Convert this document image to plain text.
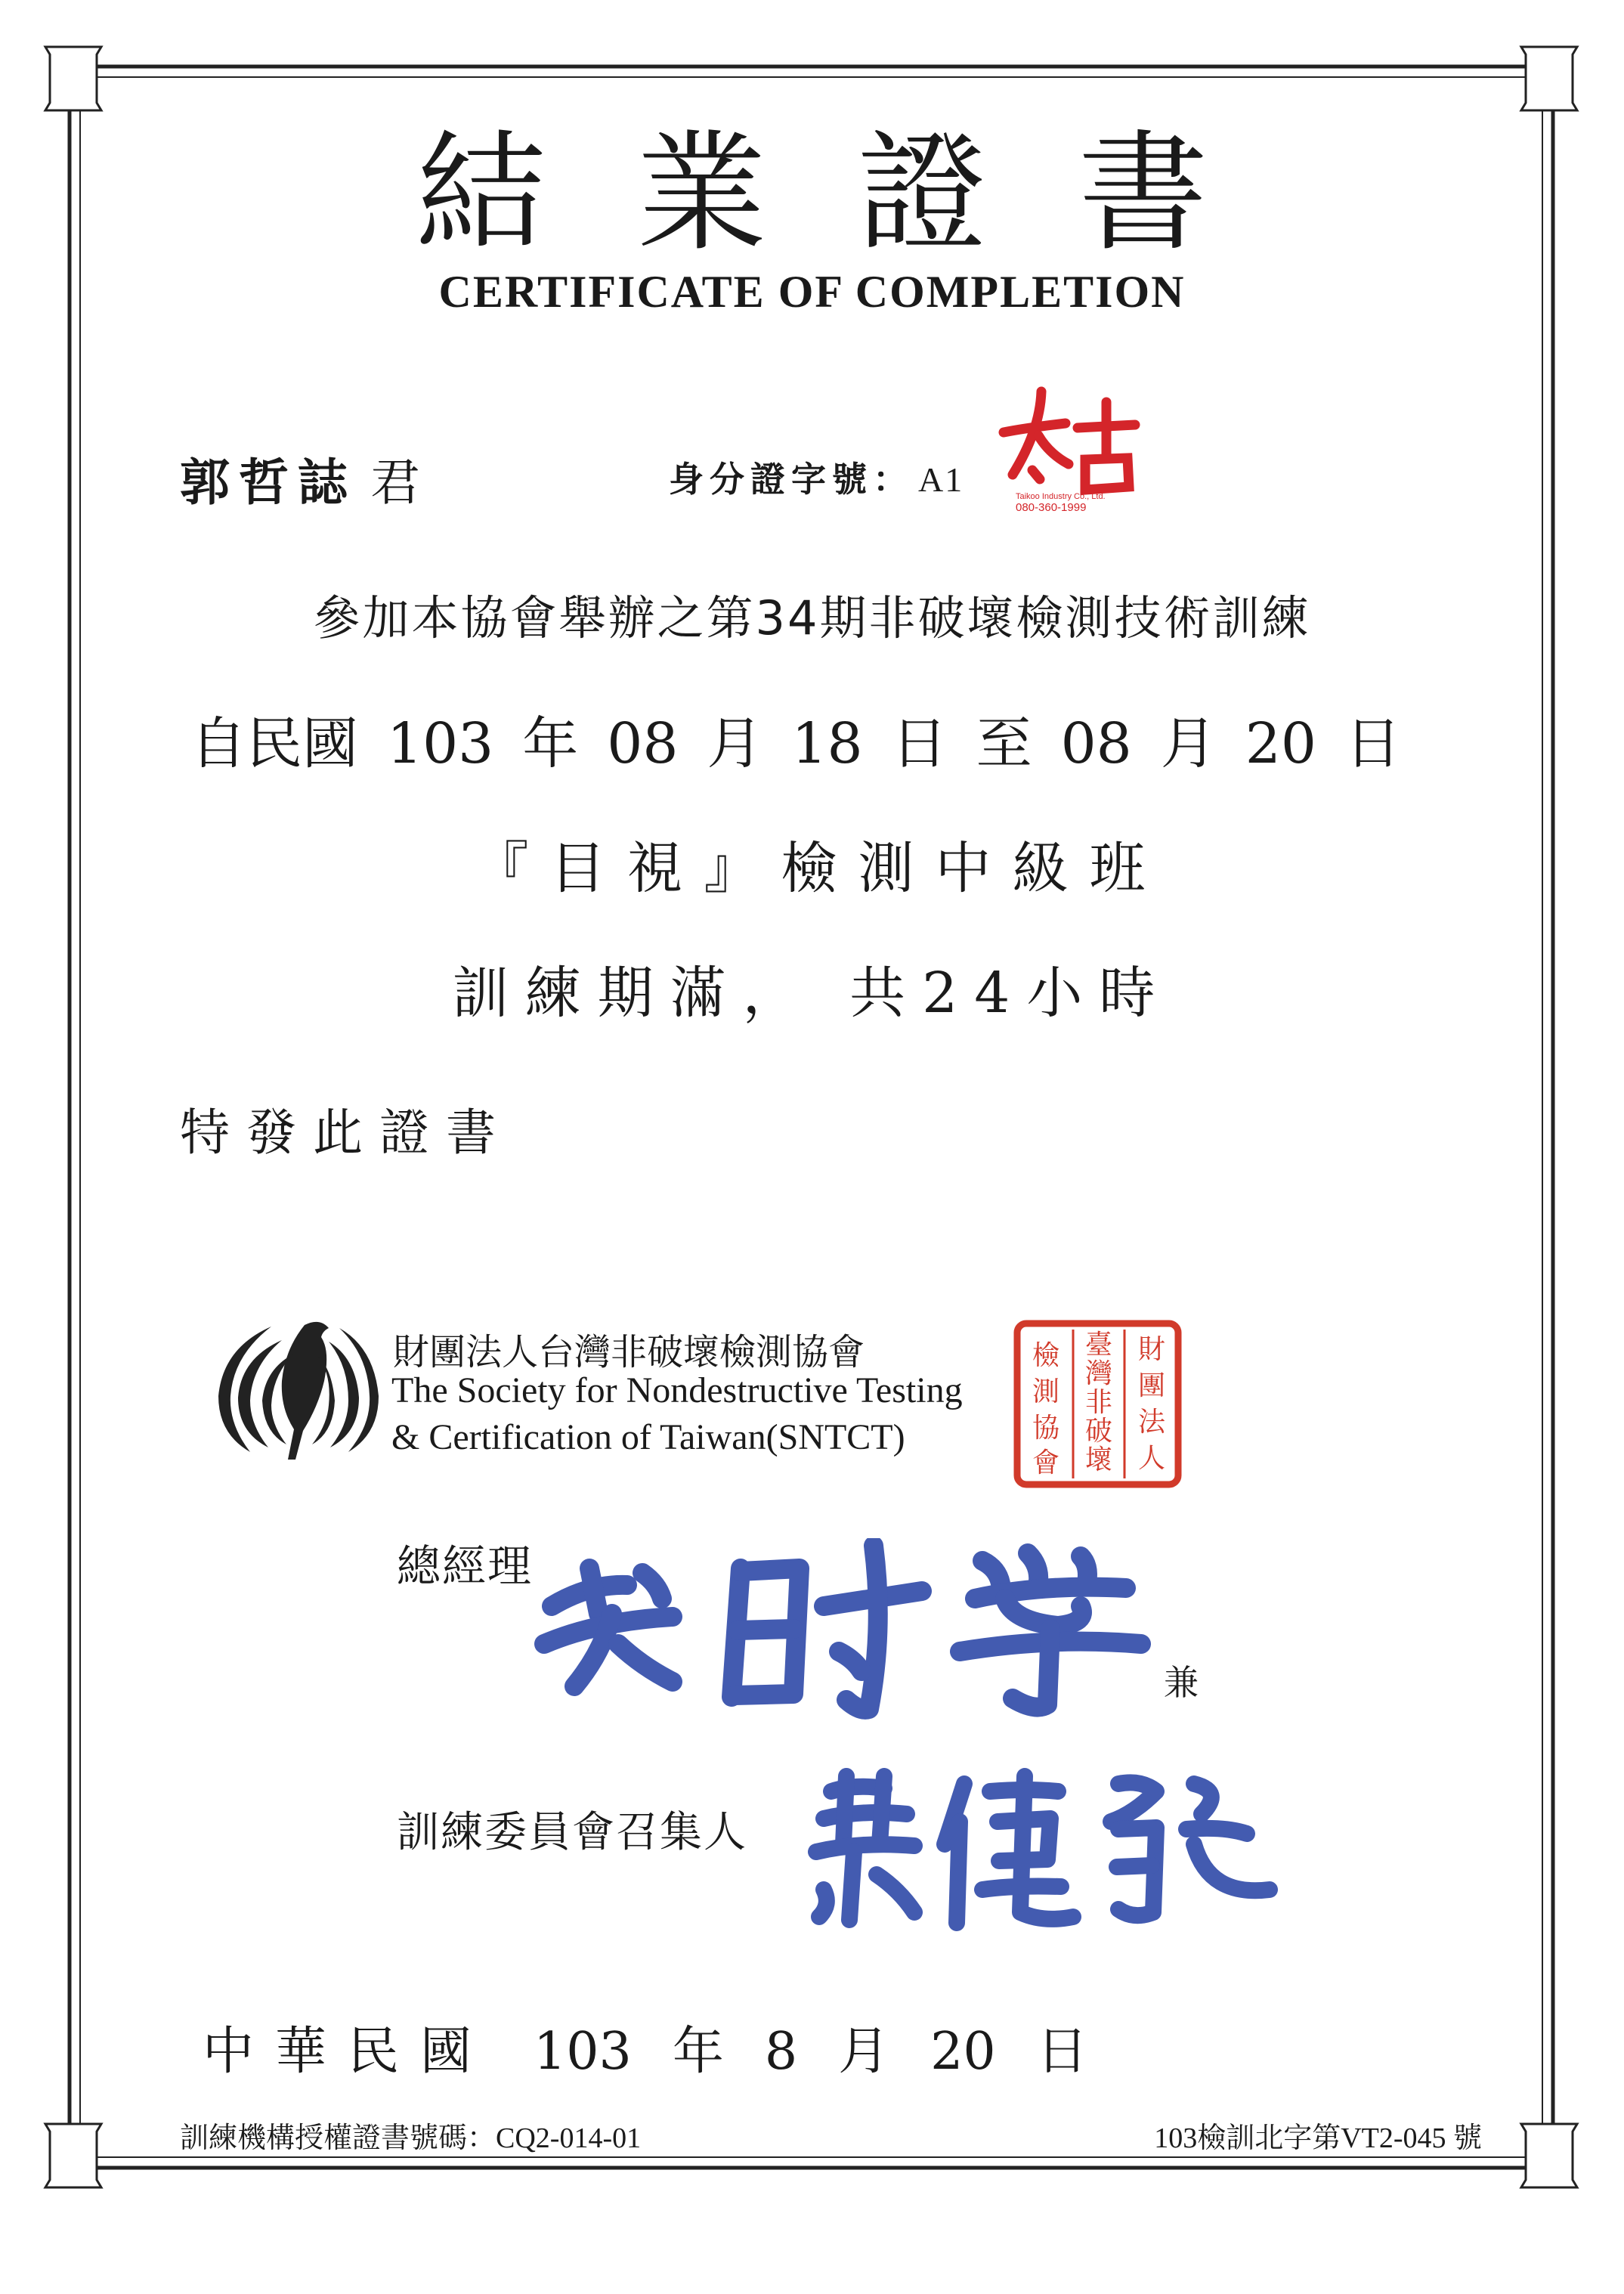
結業證書
CERTIFICATE OF COMPLETION
郭哲誌 君	身分證字號： A1	Taikoo Industry Co., Ltd.
080-360-1999
參加本協會舉辦之第34期非破壞檢測技術訓練
自民國 103 年 08 月 18 日 至 08 月 20 日
『目視』檢測中級班
訓練期滿， 共24小時
特發此證書
財團法人台灣非破壞檢測協會
The Society for Nondestructive Testing
& Certification of Taiwan(SNTCT)
財
團
法
人
臺
灣
非
破
壞
檢
測
協
會
總經理
兼
訓練委員會召集人
中華民國 103 年 8 月 20 日
訓練機構授權證書號碼：CQ2-014-01	103檢訓北字第VT2-045 號
